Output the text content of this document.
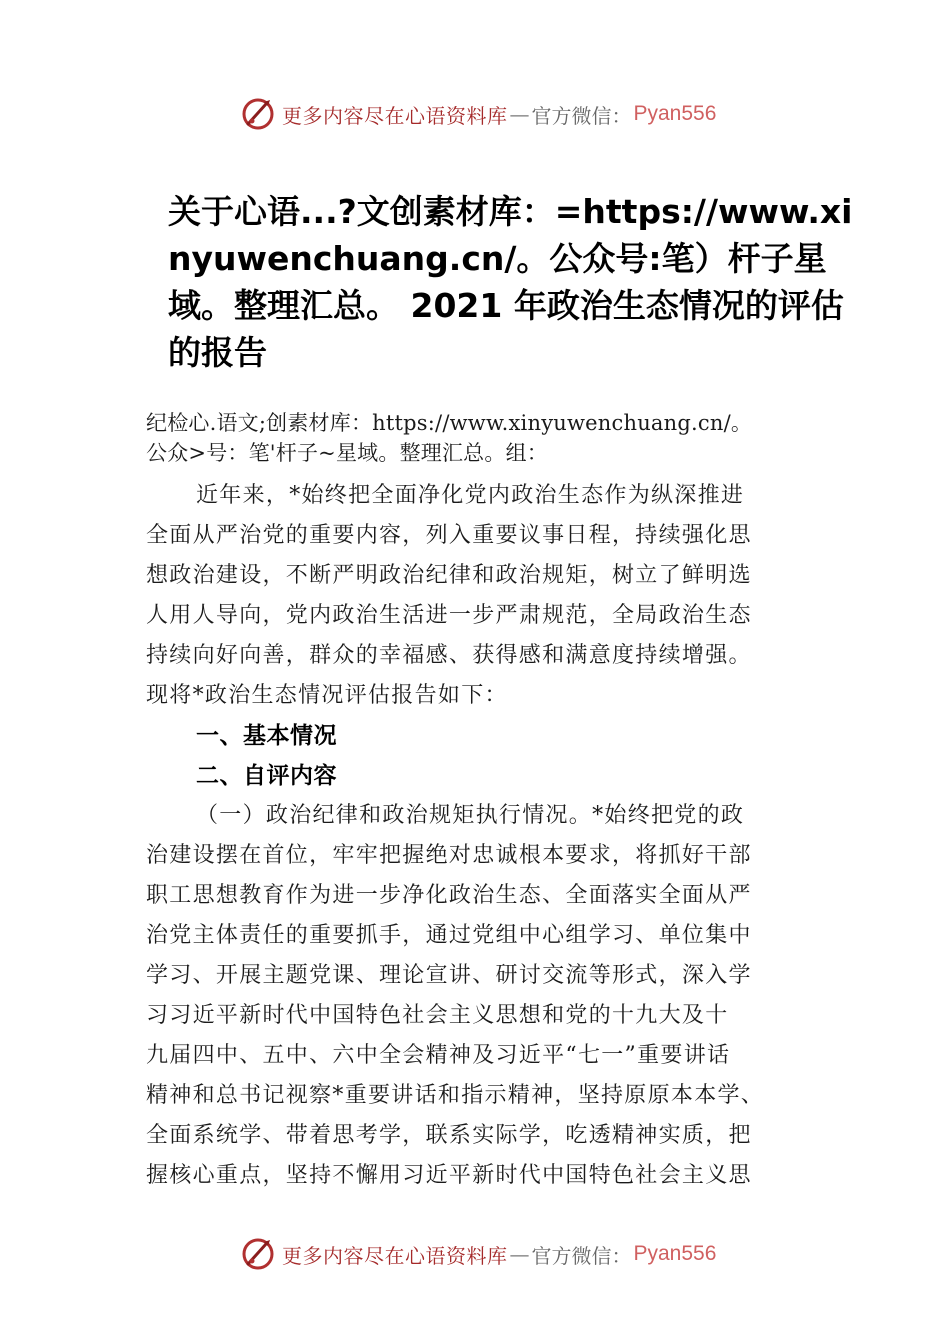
更多内容尽在心语资料库 — 官方微信： Pyan556
关于心语...?文创素材库：=https://www.xinyuwenchuang.cn/。公众号:笔）杆子星域。整理汇总。 2021 年政治生态情况的评估的报告
纪检心.语文;创素材库：https://www.xinyuwenchuang.cn/。
公众>号：笔'杆子~星域。整理汇总。组：
近年来，*始终把全面净化党内政治生态作为纵深推进
全面从严治党的重要内容，列入重要议事日程，持续强化思
想政治建设，不断严明政治纪律和政治规矩，树立了鲜明选
人用人导向，党内政治生活进一步严肃规范，全局政治生态
持续向好向善，群众的幸福感、获得感和满意度持续增强。
现将*政治生态情况评估报告如下：
一、基本情况
二、自评内容
（一）政治纪律和政治规矩执行情况。*始终把党的政
治建设摆在首位，牢牢把握绝对忠诚根本要求，将抓好干部
职工思想教育作为进一步净化政治生态、全面落实全面从严
治党主体责任的重要抓手，通过党组中心组学习、单位集中
学习、开展主题党课、理论宣讲、研讨交流等形式，深入学
习习近平新时代中国特色社会主义思想和党的十九大及十
九届四中、五中、六中全会精神及习近平“七一”重要讲话
精神和总书记视察*重要讲话和指示精神，坚持原原本本学、
全面系统学、带着思考学，联系实际学，吃透精神实质，把
握核心重点，坚持不懈用习近平新时代中国特色社会主义思
更多内容尽在心语资料库 — 官方微信： Pyan556
